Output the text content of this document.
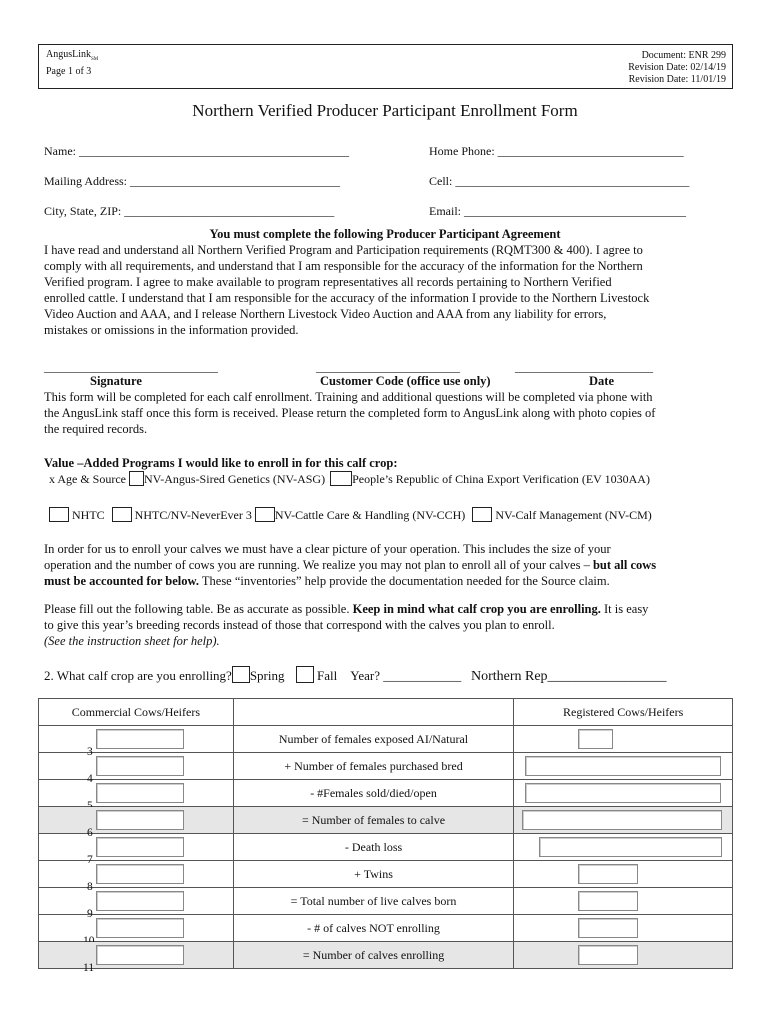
AngusLink$_{SM}$
Page 1 of 3
Document: ENR 299
Revision Date: 02/14/19
Revision Date: 11/01/19
Northern Verified Producer Participant Enrollment Form
Name: _____________________________________________	Home Phone: _______________________________
Mailing Address: ___________________________________	Cell: _______________________________________
City, State, ZIP: ___________________________________	Email: _____________________________________
You must complete the following Producer Participant Agreement
I have read and understand all Northern Verified Program and Participation requirements (RQMT300 & 400). I agree to
comply with all requirements, and understand that I am responsible for the accuracy of the information for the Northern
Verified program. I agree to make available to program representatives all records pertaining to Northern Verified
enrolled cattle. I understand that I am responsible for the accuracy of the information I provide to the Northern Livestock
Video Auction and AAA, and I release Northern Livestock Video Auction and AAA from any liability for errors,
mistakes or omissions in the information provided.
_____________________________	________________________	_______________________
Signature	Customer Code (office use only)	Date
This form will be completed for each calf enrollment. Training and additional questions will be completed via phone with
the AngusLink staff once this form is received. Please return the completed form to AngusLink along with photo copies of
the required records.
Value –Added Programs I would like to enroll in for this calf crop:
x Age & Source NV-Angus-Sired Genetics (NV-ASG) People’s Republic of China Export Verification (EV 1030AA)
NHTC	NHTC/NV-NeverEver 3 NV-Cattle Care & Handling (NV-CCH)	NV-Calf Management (NV-CM)
In order for us to enroll your calves we must have a clear picture of your operation. This includes the size of your
operation and the number of cows you are running. We realize you may not plan to enroll all of your calves – but all cows
must be accounted for below. These “inventories” help provide the documentation needed for the Source claim.
Please fill out the following table. Be as accurate as possible. Keep in mind what calf crop you are enrolling. It is easy
to give this year’s breeding records instead of those that correspond with the calves you plan to enroll.
(See the instruction sheet for help).
2. What calf crop are you enrolling? Spring	Fall Year? ____________ Northern Rep_________________
Commercial Cows/Heifers		Registered Cows/Heifers

3	Number of females exposed AI/Natural	

4	+ Number of females purchased bred	

	- #Females sold/died/open	

6	= Number of females to calve	

7	- Death loss	

8	+ Twins	

9	= Total number of live calves born	

	- # of calves NOT enrolling	

11	= Number of calves enrolling	
